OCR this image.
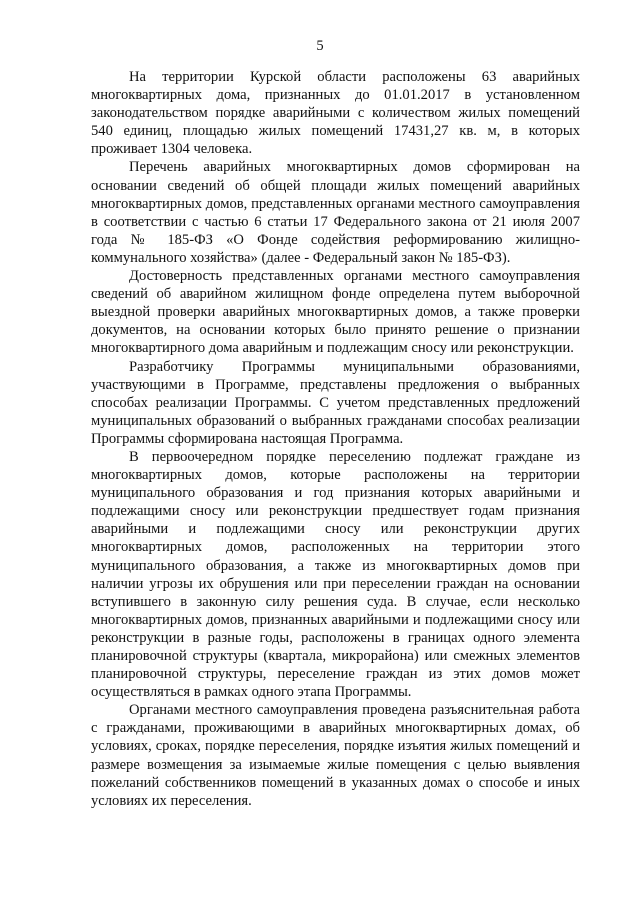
5

На территории Курской области расположены 63 аварийных многоквартирных дома, признанных до 01.01.2017 в установленном законодательством порядке аварийными с количеством жилых помещений 540 единиц, площадью жилых помещений 17431,27 кв. м, в которых проживает 1304 человека.

Перечень аварийных многоквартирных домов сформирован на основании сведений об общей площади жилых помещений аварийных многоквартирных домов, представленных органами местного самоуправления в соответствии с частью 6 статьи 17 Федерального закона от 21 июля 2007 года № 185-ФЗ «О Фонде содействия реформированию жилищно-коммунального хозяйства» (далее - Федеральный закон № 185-ФЗ).

Достоверность представленных органами местного самоуправления сведений об аварийном жилищном фонде определена путем выборочной выездной проверки аварийных многоквартирных домов, а также проверки документов, на основании которых было принято решение о признании многоквартирного дома аварийным и подлежащим сносу или реконструкции.

Разработчику Программы муниципальными образованиями, участвующими в Программе, представлены предложения о выбранных способах реализации Программы. С учетом представленных предложений муниципальных образований о выбранных гражданами способах реализации Программы сформирована настоящая Программа.

В первоочередном порядке переселению подлежат граждане из многоквартирных домов, которые расположены на территории муниципального образования и год признания которых аварийными и подлежащими сносу или реконструкции предшествует годам признания аварийными и подлежащими сносу или реконструкции других многоквартирных домов, расположенных на территории этого муниципального образования, а также из многоквартирных домов при наличии угрозы их обрушения или при переселении граждан на основании вступившего в законную силу решения суда. В случае, если несколько многоквартирных домов, признанных аварийными и подлежащими сносу или реконструкции в разные годы, расположены в границах одного элемента планировочной структуры (квартала, микрорайона) или смежных элементов планировочной структуры, переселение граждан из этих домов может осуществляться в рамках одного этапа Программы.

Органами местного самоуправления проведена разъяснительная работа с гражданами, проживающими в аварийных многоквартирных домах, об условиях, сроках, порядке переселения, порядке изъятия жилых помещений и размере возмещения за изымаемые жилые помещения с целью выявления пожеланий собственников помещений в указанных домах о способе и иных условиях их переселения.
